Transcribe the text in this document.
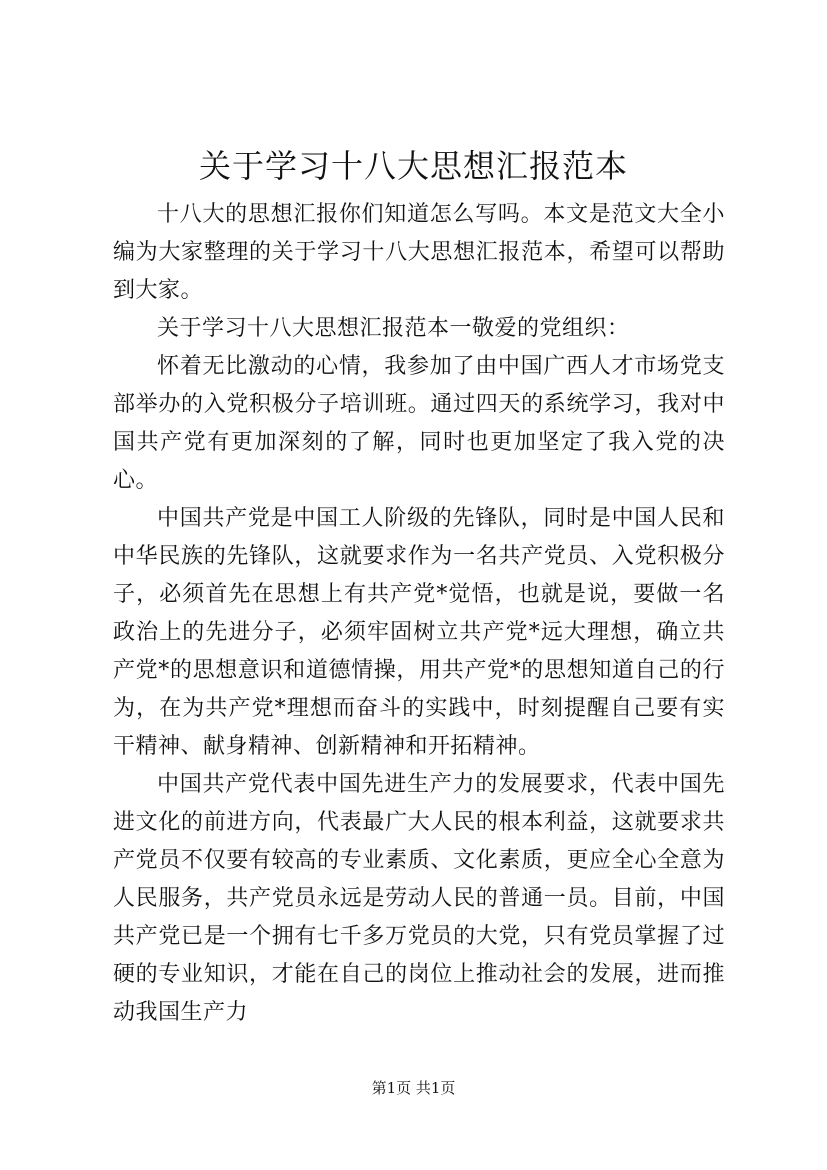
关于学习十八大思想汇报范本

十八大的思想汇报你们知道怎么写吗。本文是范文大全小编为大家整理的关于学习十八大思想汇报范本，希望可以帮助到大家。

关于学习十八大思想汇报范本一敬爱的党组织：

怀着无比激动的心情，我参加了由中国广西人才市场党支部举办的入党积极分子培训班。通过四天的系统学习，我对中国共产党有更加深刻的了解，同时也更加坚定了我入党的决心。

中国共产党是中国工人阶级的先锋队，同时是中国人民和中华民族的先锋队，这就要求作为一名共产党员、入党积极分子，必须首先在思想上有共产党*觉悟，也就是说，要做一名政治上的先进分子，必须牢固树立共产党*远大理想，确立共产党*的思想意识和道德情操，用共产党*的思想知道自己的行为，在为共产党*理想而奋斗的实践中，时刻提醒自己要有实干精神、献身精神、创新精神和开拓精神。

中国共产党代表中国先进生产力的发展要求，代表中国先进文化的前进方向，代表最广大人民的根本利益，这就要求共产党员不仅要有较高的专业素质、文化素质，更应全心全意为人民服务，共产党员永远是劳动人民的普通一员。目前，中国共产党已是一个拥有七千多万党员的大党，只有党员掌握了过硬的专业知识，才能在自己的岗位上推动社会的发展，进而推动我国生产力

第1页 共1页
